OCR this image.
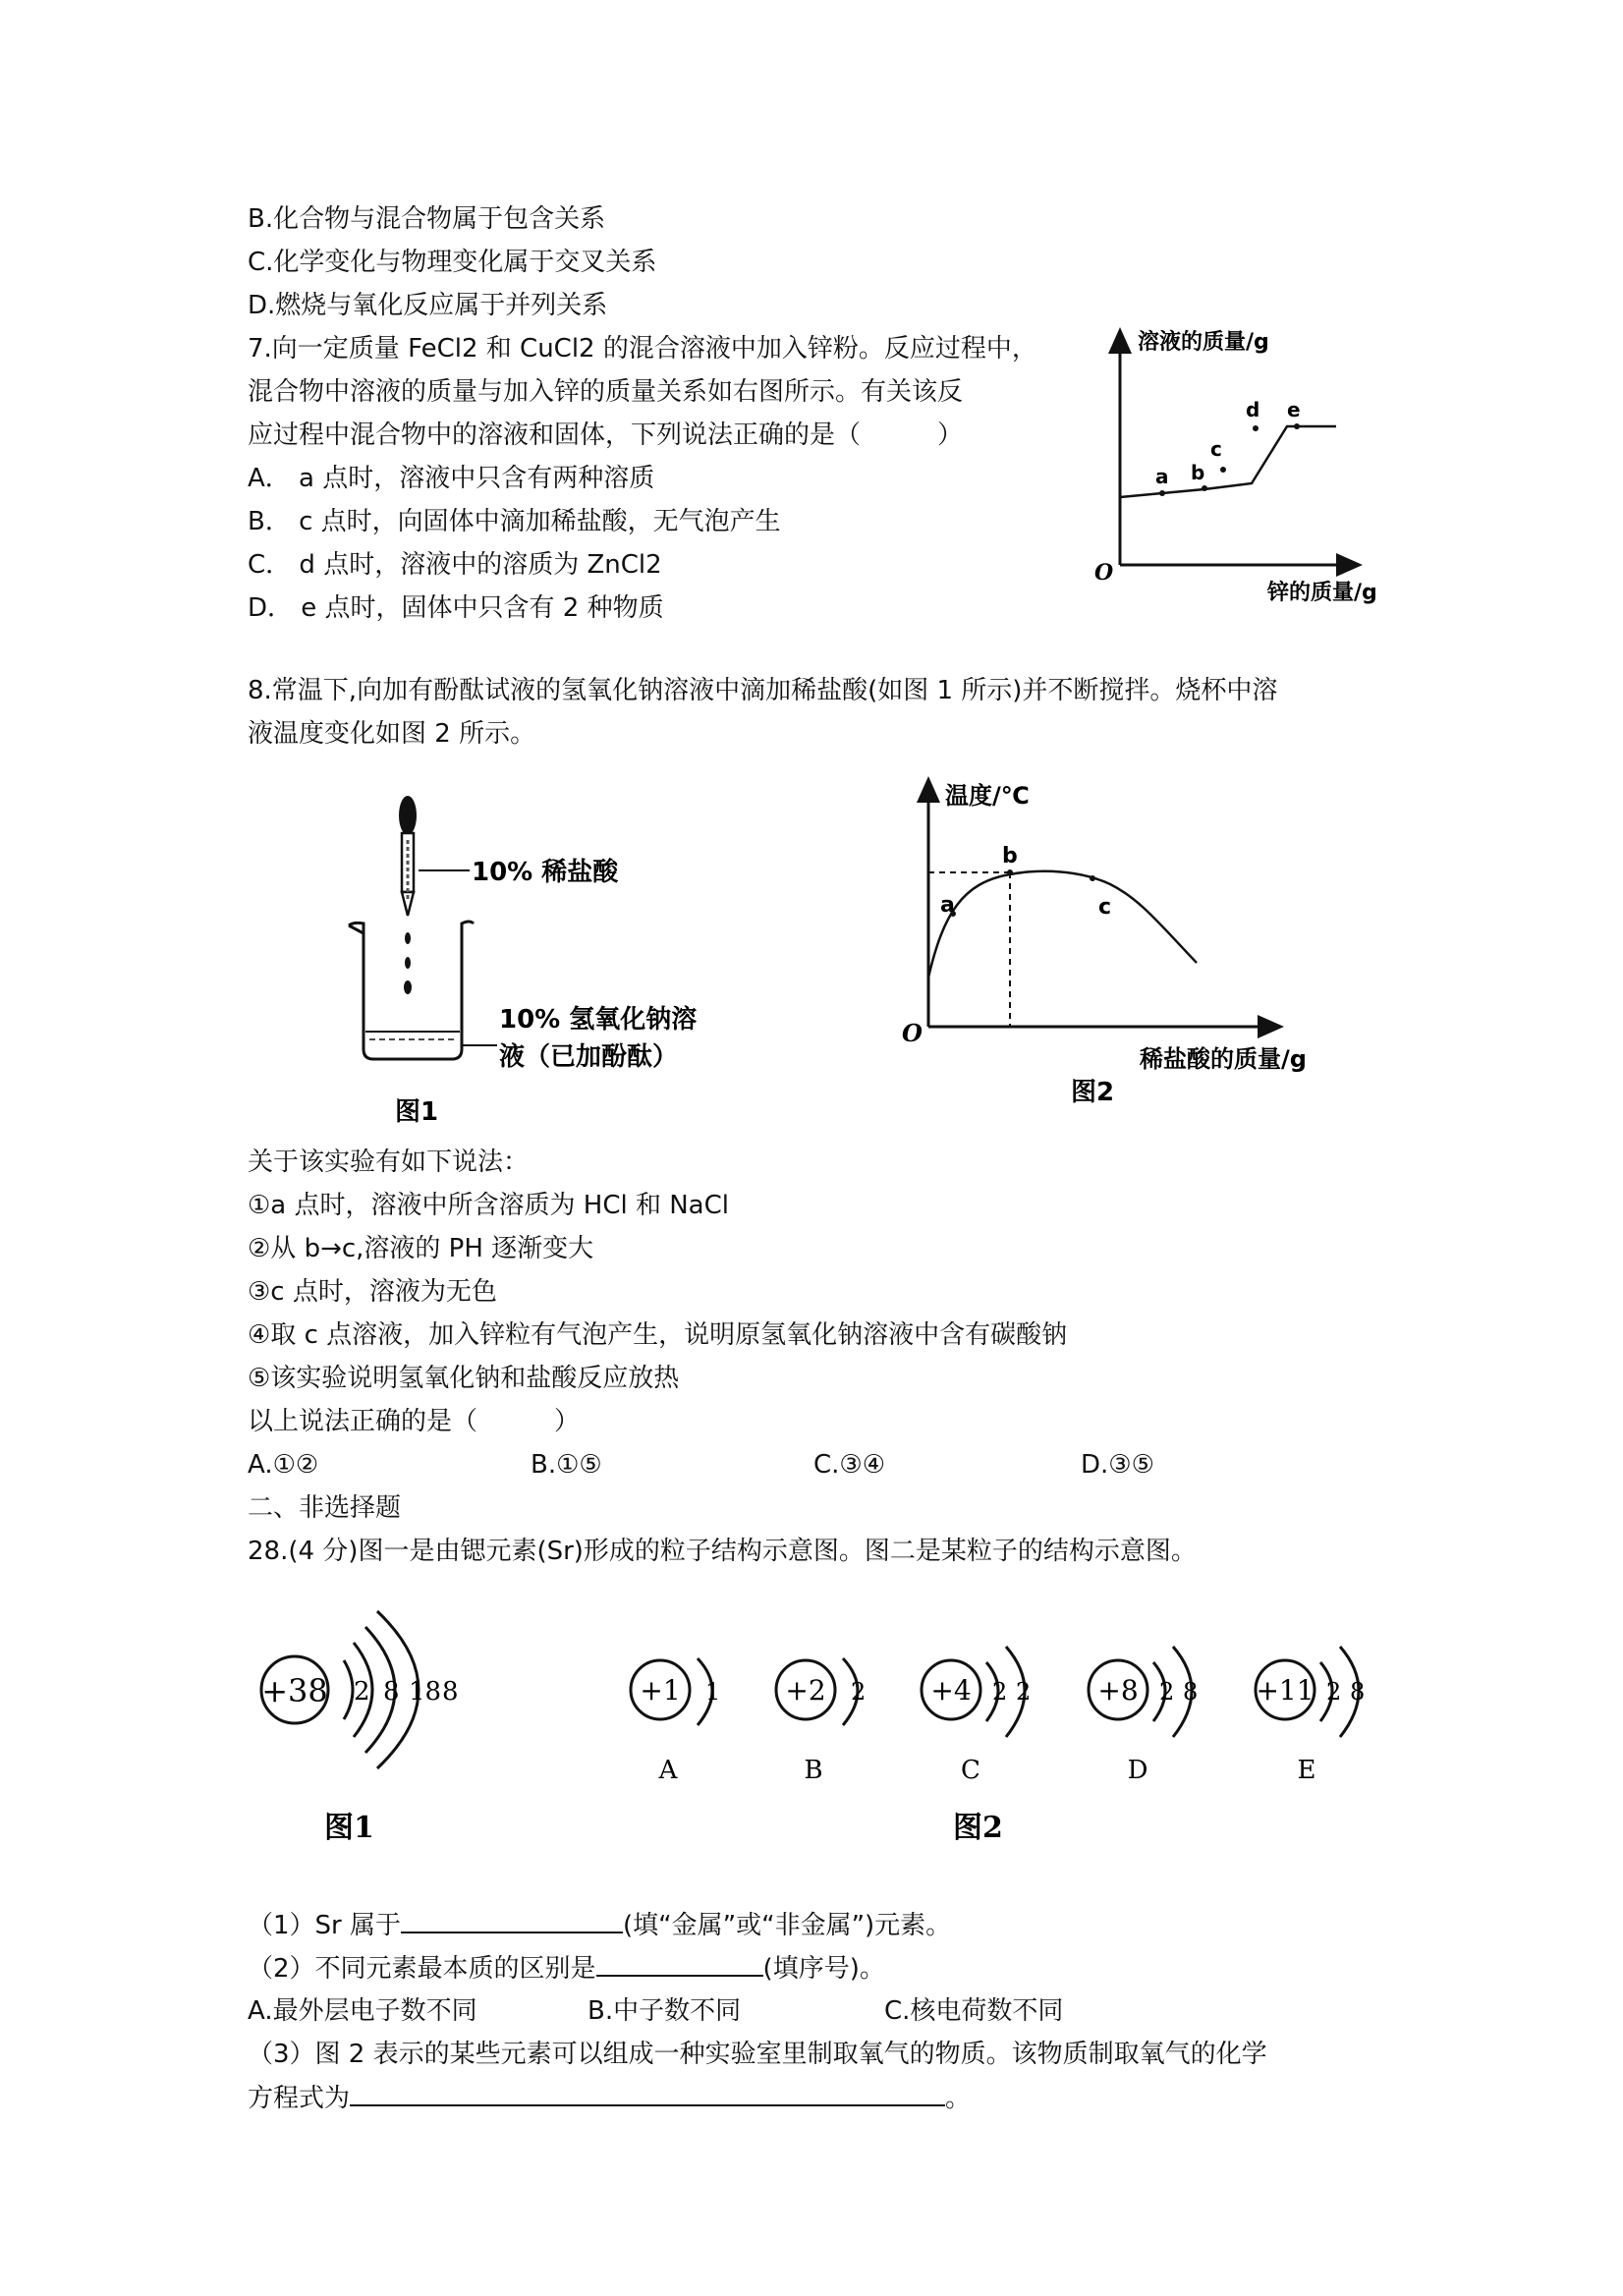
B.化合物与混合物属于包含关系
C.化学变化与物理变化属于交叉关系
D.燃烧与氧化反应属于并列关系
7.向一定质量 FeCl2 和 CuCl2 的混合溶液中加入锌粉。反应过程中，
混合物中溶液的质量与加入锌的质量关系如右图所示。有关该反
应过程中混合物中的溶液和固体，下列说法正确的是（　　　）
A． a 点时，溶液中只含有两种溶质
B． c 点时，向固体中滴加稀盐酸，无气泡产生
C． d 点时，溶液中的溶质为 ZnCl2
D． e 点时，固体中只含有 2 种物质
溶液的质量/g
锌的质量/g
O
a b
c
d e
8.常温下,向加有酚酞试液的氢氧化钠溶液中滴加稀盐酸(如图 1 所示)并不断搅拌。烧杯中溶
液温度变化如图 2 所示。
10% 稀盐酸
10% 氢氧化钠溶
液（已加酚酞）
图1
温度/℃
稀盐酸的质量/g
O
a
b
c
图2
关于该实验有如下说法：
①a 点时，溶液中所含溶质为 HCl 和 NaCl
②从 b→c,溶液的 PH 逐渐变大
③c 点时，溶液为无色
④取 c 点溶液，加入锌粒有气泡产生，说明原氢氧化钠溶液中含有碳酸钠
⑤该实验说明氢氧化钠和盐酸反应放热
以上说法正确的是（　　　）
A.①②	B.①⑤	C.③④	D.③⑤
二、非选择题
28.(4 分)图一是由锶元素(Sr)形成的粒子结构示意图。图二是某粒子的结构示意图。
+38 2 8 18 8
图1
+1 1
A
+2 2
B
+4 2 2
C
+8 2 8
D
+11 2 8
E
图2
（1）Sr 属于	(填“金属”或“非金属”)元素。
（2）不同元素最本质的区别是	(填序号)。
A.最外层电子数不同	B.中子数不同	C.核电荷数不同
（3）图 2 表示的某些元素可以组成一种实验室里制取氧气的物质。该物质制取氧气的化学
方程式为	。
